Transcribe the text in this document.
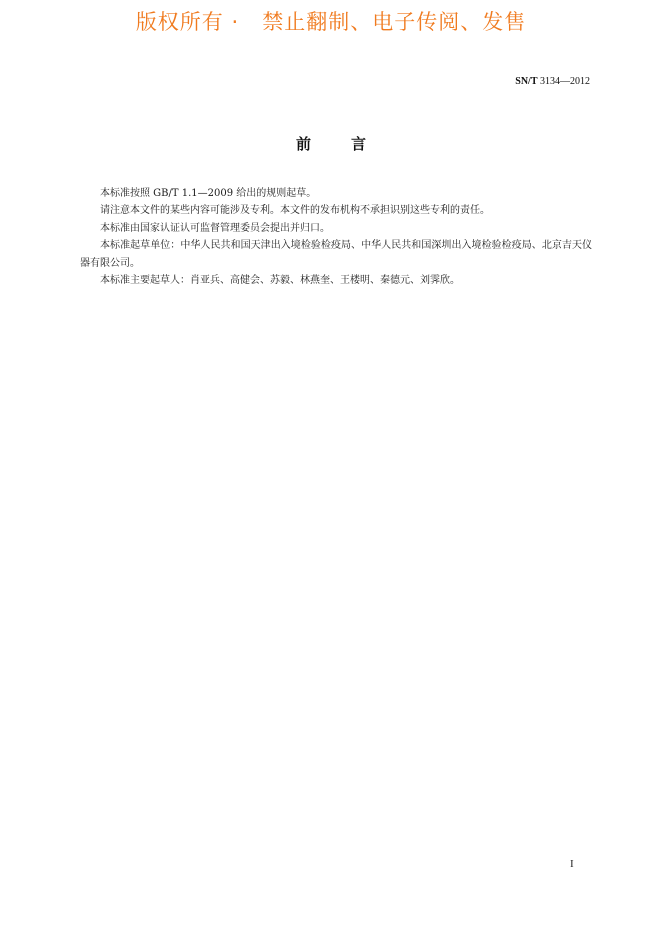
版权所有 ·   禁止翻制、电子传阅、发售
SN/T 3134—2012
前言

本标准按照 GB/T 1.1—2009 给出的规则起草。

请注意本文件的某些内容可能涉及专利。本文件的发布机构不承担识别这些专利的责任。

本标准由国家认证认可监督管理委员会提出并归口。

本标准起草单位：中华人民共和国天津出入境检验检疫局、中华人民共和国深圳出入境检验检疫局、北京吉天仪器有限公司。

本标准主要起草人：肖亚兵、高健会、苏毅、林燕奎、王楼明、秦德元、刘霁欣。

I
